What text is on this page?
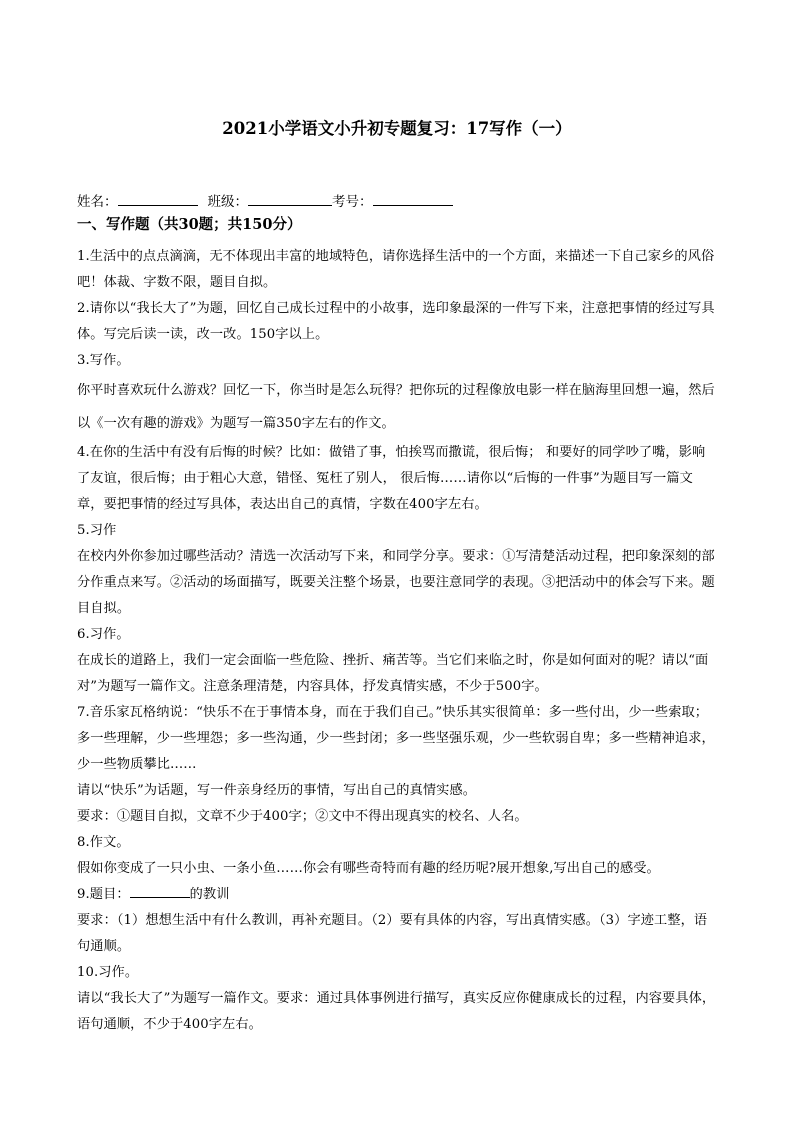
2021小学语文小升初专题复习：17写作（一）
姓名：	班级：	考号：
一、写作题（共30题；共150分）

1.生活中的点点滴滴，无不体现出丰富的地域特色，请你选择生活中的一个方面，来描述一下自己家乡的风俗吧！体裁、字数不限，题目自拟。

2.请你以“我长大了”为题，回忆自己成长过程中的小故事，选印象最深的一件写下来，注意把事情的经过写具体。写完后读一读，改一改。150字以上。

3.写作。

你平时喜欢玩什么游戏？回忆一下，你当时是怎么玩得？把你玩的过程像放电影一样在脑海里回想一遍，然后以《一次有趣的游戏》为题写一篇350字左右的作文。

4.在你的生活中有没有后悔的时候？比如：做错了事，怕挨骂而撒谎，很后悔； 和要好的同学吵了嘴，影响了友谊，很后悔；由于粗心大意，错怪、冤枉了别人， 很后悔……请你以“后悔的一件事”为题目写一篇文章，要把事情的经过写具体，表达出自己的真情，字数在400字左右。

5.习作

在校内外你参加过哪些活动？清选一次活动写下来，和同学分享。要求：①写清楚活动过程，把印象深刻的部分作重点来写。②活动的场面描写，既要关注整个场景，也要注意同学的表现。③把活动中的体会写下来。题目自拟。

6.习作。

在成长的道路上，我们一定会面临一些危险、挫折、痛苦等。当它们来临之时，你是如何面对的呢？请以“面对”为题写一篇作文。注意条理清楚，内容具体，抒发真情实感，不少于500字。

7.音乐家瓦格纳说：“快乐不在于事情本身，而在于我们自己。”快乐其实很简单：多一些付出，少一些索取；多一些理解，少一些埋怨；多一些沟通，少一些封闭；多一些坚强乐观，少一些软弱自卑；多一些精神追求，少一些物质攀比……

请以“快乐”为话题，写一件亲身经历的事情，写出自己的真情实感。

要求：①题目自拟，文章不少于400字；②文中不得出现真实的校名、人名。

8.作文。

假如你变成了一只小虫、一条小鱼……你会有哪些奇特而有趣的经历呢?展开想象,写出自己的感受。

9.题目：	的教训

要求：（1）想想生活中有什么教训，再补充题目。（2）要有具体的内容，写出真情实感。（3）字迹工整，语句通顺。

10.习作。

请以“我长大了”为题写一篇作文。要求：通过具体事例进行描写，真实反应你健康成长的过程，内容要具体，语句通顺，不少于400字左右。
